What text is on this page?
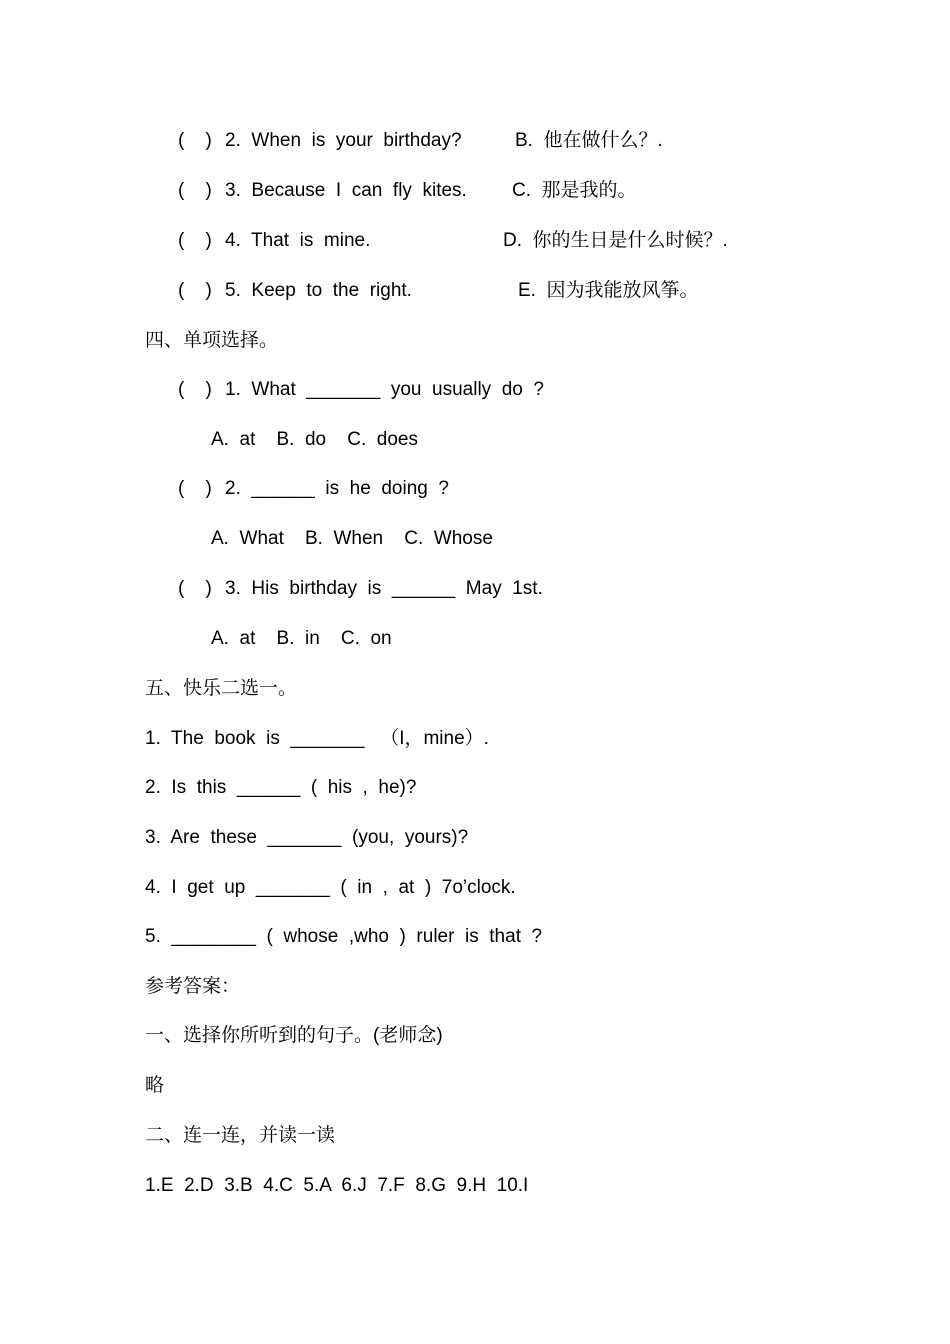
(    ) 2.  When  is  your  birthday?	B.  他在做什么？.
(    ) 3.  Because  I  can  fly  kites. C.  那是我的。
(    ) 4.  That  is  mine.	D.  你的生日是什么时候？.
(    ) 5.  Keep  to  the  right.	E.  因为我能放风筝。
四、单项选择。
(    ) 1.  What  _______  you  usually  do  ?
A.  at    B.  do    C.  does
(    ) 2.  ______  is  he  doing  ?
A.  What    B.  When    C.  Whose
(    ) 3.  His  birthday  is  ______  May  1st.
A.  at    B.  in    C.  on
五、快乐二选一。
1.  The  book  is  _______   （I，mine）.
2.  Is  this  ______  (  his  ,  he)?
3.  Are  these  _______  (you,  yours)?
4.  I  get  up  _______  (  in  ,  at  )  7o’clock.
5.  ________  (  whose  ,who  )  ruler  is  that  ?
参考答案：
一、选择你所听到的句子。(老师念)
略
二、连一连，并读一读
1.E  2.D  3.B  4.C  5.A  6.J  7.F  8.G  9.H  10.I
